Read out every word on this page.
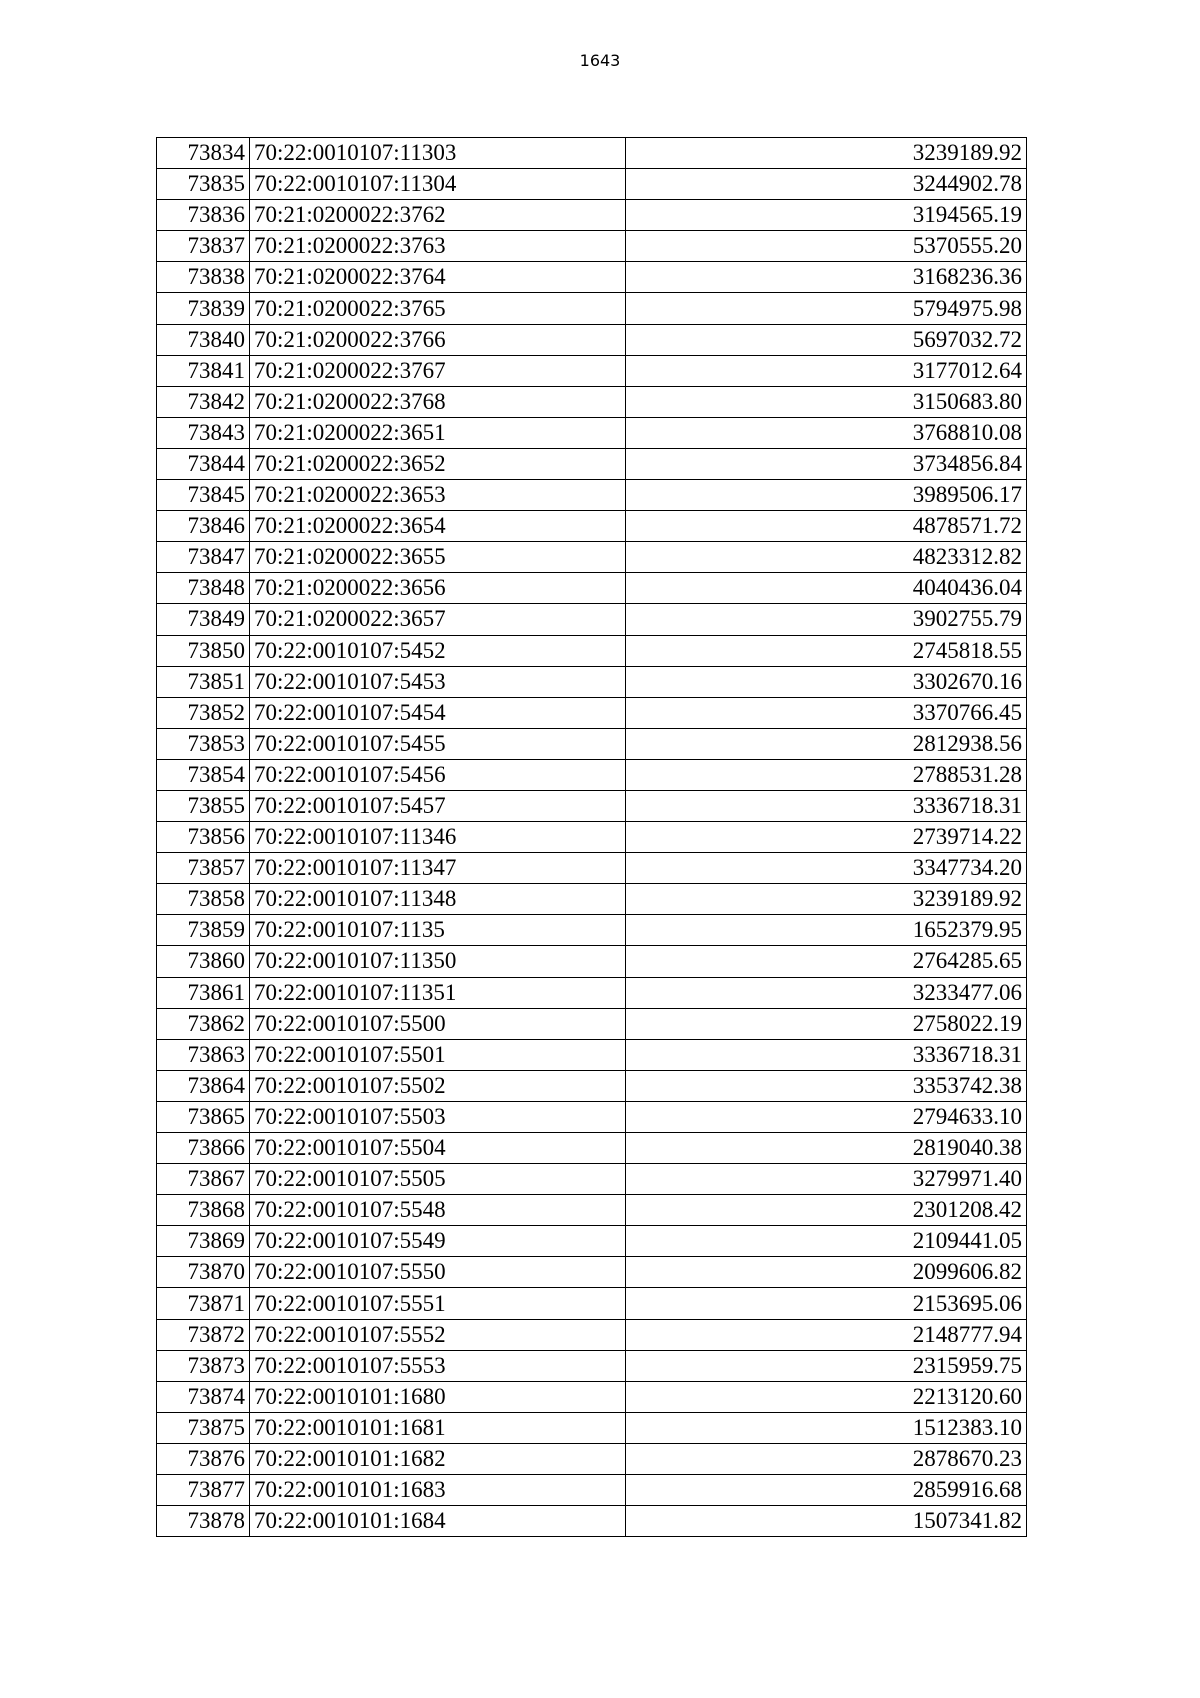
1643
73834	70:22:0010107:11303	3239189.92
73835	70:22:0010107:11304	3244902.78
73836	70:21:0200022:3762	3194565.19
73837	70:21:0200022:3763	5370555.20
73838	70:21:0200022:3764	3168236.36
73839	70:21:0200022:3765	5794975.98
73840	70:21:0200022:3766	5697032.72
73841	70:21:0200022:3767	3177012.64
73842	70:21:0200022:3768	3150683.80
73843	70:21:0200022:3651	3768810.08
73844	70:21:0200022:3652	3734856.84
73845	70:21:0200022:3653	3989506.17
73846	70:21:0200022:3654	4878571.72
73847	70:21:0200022:3655	4823312.82
73848	70:21:0200022:3656	4040436.04
73849	70:21:0200022:3657	3902755.79
73850	70:22:0010107:5452	2745818.55
73851	70:22:0010107:5453	3302670.16
73852	70:22:0010107:5454	3370766.45
73853	70:22:0010107:5455	2812938.56
73854	70:22:0010107:5456	2788531.28
73855	70:22:0010107:5457	3336718.31
73856	70:22:0010107:11346	2739714.22
73857	70:22:0010107:11347	3347734.20
73858	70:22:0010107:11348	3239189.92
73859	70:22:0010107:1135	1652379.95
73860	70:22:0010107:11350	2764285.65
73861	70:22:0010107:11351	3233477.06
73862	70:22:0010107:5500	2758022.19
73863	70:22:0010107:5501	3336718.31
73864	70:22:0010107:5502	3353742.38
73865	70:22:0010107:5503	2794633.10
73866	70:22:0010107:5504	2819040.38
73867	70:22:0010107:5505	3279971.40
73868	70:22:0010107:5548	2301208.42
73869	70:22:0010107:5549	2109441.05
73870	70:22:0010107:5550	2099606.82
73871	70:22:0010107:5551	2153695.06
73872	70:22:0010107:5552	2148777.94
73873	70:22:0010107:5553	2315959.75
73874	70:22:0010101:1680	2213120.60
73875	70:22:0010101:1681	1512383.10
73876	70:22:0010101:1682	2878670.23
73877	70:22:0010101:1683	2859916.68
73878	70:22:0010101:1684	1507341.82
